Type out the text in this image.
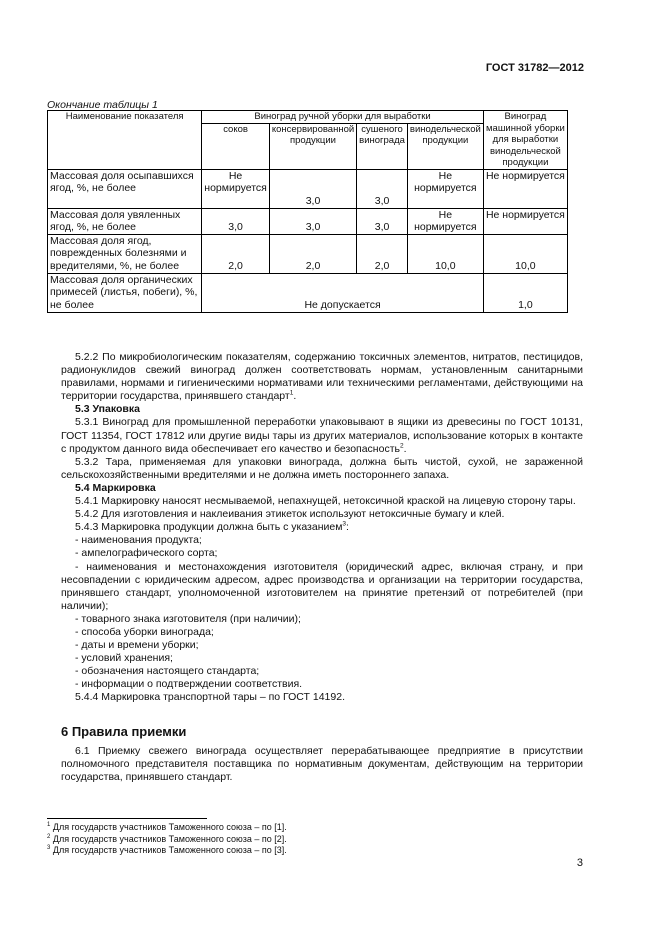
ГОСТ 31782—2012
Окончание таблицы 1
Наименование показателя	Виноград ручной уборки для выработки				Виноград машинной уборки для выработки винодельческой продукции
	соков	консервированной продукции	сушеного винограда	винодельческой продукции	
Массовая доля осыпавшихся ягод, %, не более	Не нормируется	3,0	3,0	Не нормируется	Не нормируется
Массовая доля увяленных ягод, %, не более	3,0	3,0	3,0	Не нормируется	Не нормируется
Массовая доля ягод, поврежденных болезнями и вредителями, %, не более	2,0	2,0	2,0	10,0	10,0
Массовая доля органических примесей (листья, побеги), %, не более	Не допускается				1,0

5.2.2 По микробиологическим показателям, содержанию токсичных элементов, нитратов, пестицидов, радионуклидов свежий виноград должен соответствовать нормам, установленным санитарными правилами, нормами и гигиеническими нормативами или техническими регламентами, действующими на территории государства, принявшего стандарт$^1$.

5.3 Упаковка

5.3.1 Виноград для промышленной переработки упаковывают в ящики из древесины по ГОСТ 10131, ГОСТ 11354, ГОСТ 17812 или другие виды тары из других материалов, использование которых в контакте с продуктом данного вида обеспечивает его качество и безопасность$^2$.

5.3.2 Тара, применяемая для упаковки винограда, должна быть чистой, сухой, не зараженной сельскохозяйственными вредителями и не должна иметь постороннего запаха.

5.4 Маркировка

5.4.1 Маркировку наносят несмываемой, непахнущей, нетоксичной краской на лицевую сторону тары.

5.4.2 Для изготовления и наклеивания этикеток используют нетоксичные бумагу и клей.

5.4.3 Маркировка продукции должна быть с указанием$^3$:

- наименования продукта;

- ампелографического сорта;

- наименования и местонахождения изготовителя (юридический адрес, включая страну, и при несовпадении с юридическим адресом, адрес производства и организации на территории государства, принявшего стандарт, уполномоченной изготовителем на принятие претензий от потребителей (при наличии);

- товарного знака изготовителя (при наличии);

- способа уборки винограда;

- даты и времени уборки;

- условий хранения;

- обозначения настоящего стандарта;

- информации о подтверждении соответствия.

5.4.4 Маркировка транспортной тары – по ГОСТ 14192.

6 Правила приемки

6.1 Приемку свежего винограда осуществляет перерабатывающее предприятие в присутствии полномочного представителя поставщика по нормативным документам, действующим на территории государства, принявшего стандарт.

$^1$ Для государств участников Таможенного союза – по [1].
$^2$ Для государств участников Таможенного союза – по [2].
$^3$ Для государств участников Таможенного союза – по [3].
3
